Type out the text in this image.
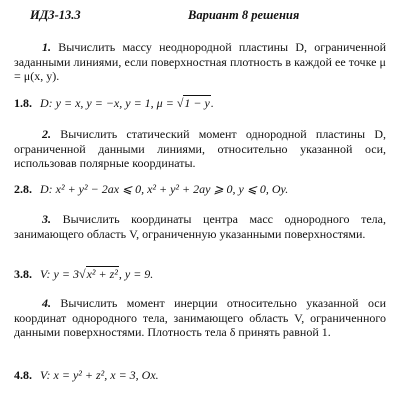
ИДЗ-13.3	Вариант 8 решения
1. Вычислить массу неоднородной пластины D, ограниченной заданными линиями, если поверхностная плотность в каждой ее точке μ = μ(x, y).
1.8. D: y = x, y = −x, y = 1, μ = √1 − y.
2. Вычислить статический момент однородной пластины D, ограниченной данными линиями, относительно указанной оси, использовав полярные координаты.
2.8. D: x² + y² − 2ax ⩽ 0, x² + y² + 2ay ⩾ 0, y ⩽ 0, Oy.
3. Вычислить координаты центра масс однородного тела, занимающего область V, ограниченную указанными поверхностями.
3.8. V: y = 3√x² + z², y = 9.
4. Вычислить момент инерции относительно указанной оси координат однородного тела, занимающего область V, ограниченного данными поверхностями. Плотность тела δ принять равной 1.
4.8. V: x = y² + z², x = 3, Ox.
